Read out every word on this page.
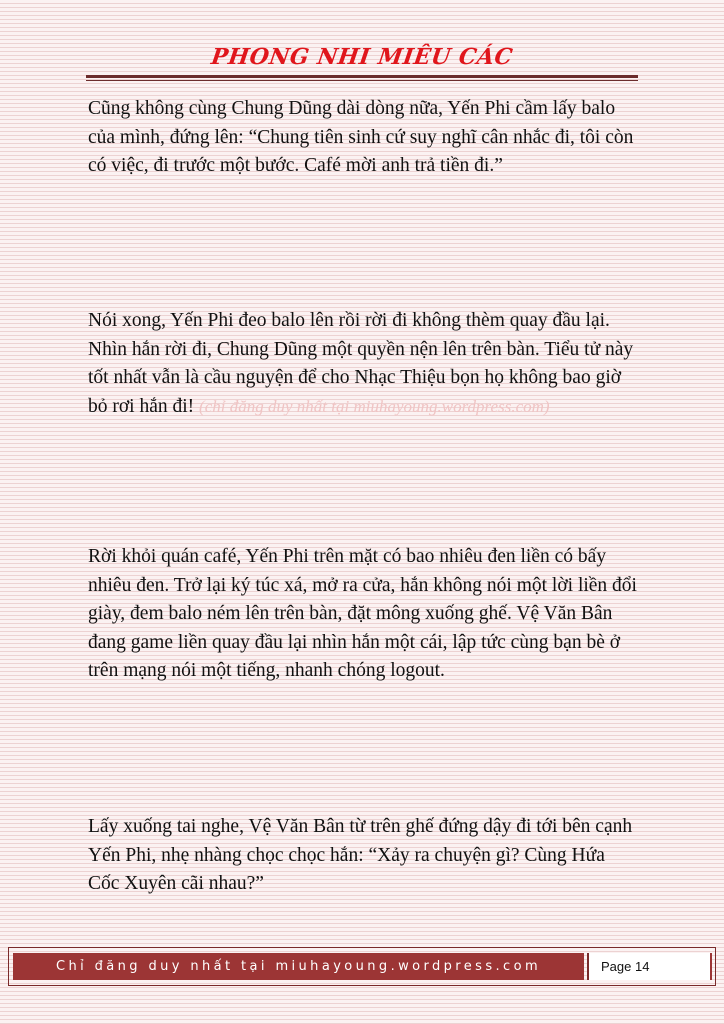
PHONG NHI MIÊU CÁC

Cũng không cùng Chung Dũng dài dòng nữa, Yến Phi cầm lấy balo của mình, đứng lên: “Chung tiên sinh cứ suy nghĩ cân nhắc đi, tôi còn có việc, đi trước một bước. Café mời anh trả tiền đi.”

Nói xong, Yến Phi đeo balo lên rồi rời đi không thèm quay đầu lại. Nhìn hắn rời đi, Chung Dũng một quyền nện lên trên bàn. Tiểu tử này tốt nhất vẫn là cầu nguyện để cho Nhạc Thiệu bọn họ không bao giờ bỏ rơi hắn đi! (chỉ đăng duy nhất tại miuhayoung.wordpress.com)

Rời khỏi quán café, Yến Phi trên mặt có bao nhiêu đen liền có bấy nhiêu đen. Trở lại ký túc xá, mở ra cửa, hắn không nói một lời liền đổi giày, đem balo ném lên trên bàn, đặt mông xuống ghế. Vệ Văn Bân đang game liền quay đầu lại nhìn hắn một cái, lập tức cùng bạn bè ở trên mạng nói một tiếng, nhanh chóng logout.

Lấy xuống tai nghe, Vệ Văn Bân từ trên ghế đứng dậy đi tới bên cạnh Yến Phi, nhẹ nhàng chọc chọc hắn: “Xảy ra chuyện gì? Cùng Hứa Cốc Xuyên cãi nhau?”

Chỉ đăng duy nhất tại miuhayoung.wordpress.com	Page 14
